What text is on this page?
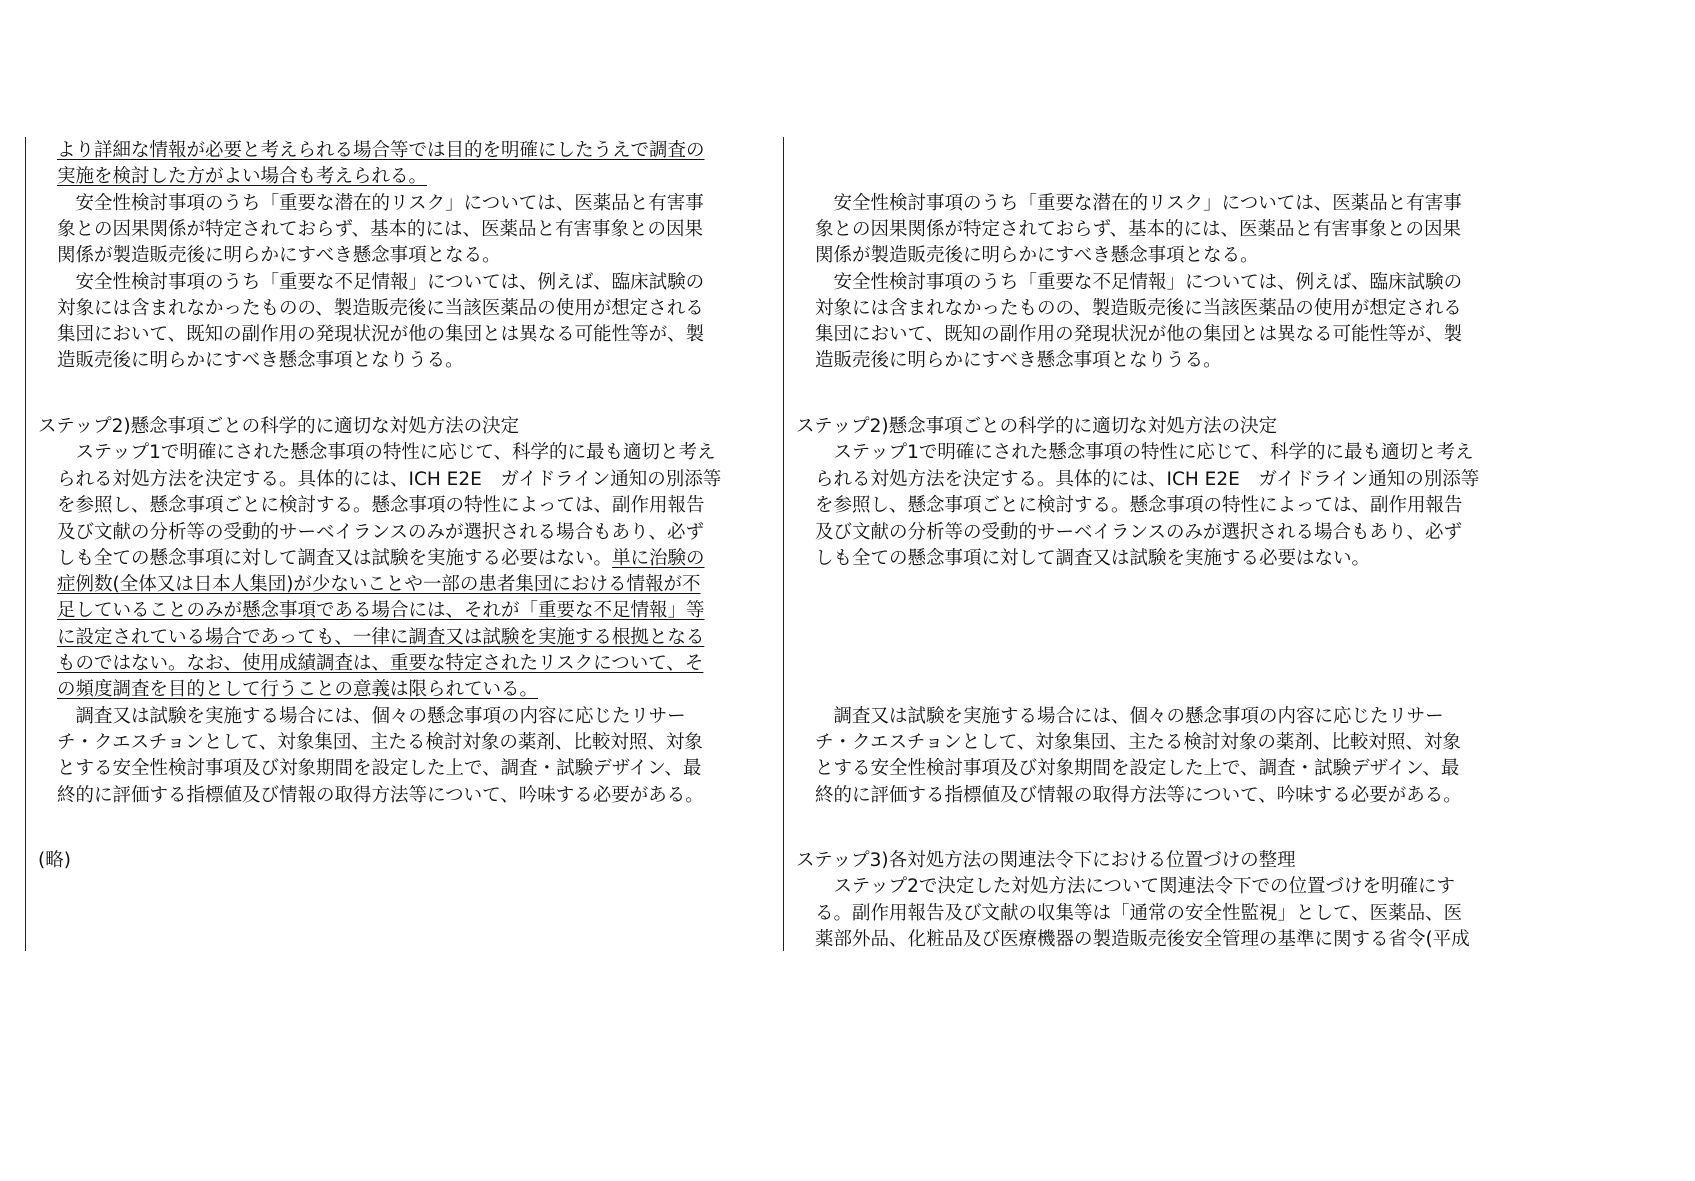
より詳細な情報が必要と考えられる場合等では目的を明確にしたうえで調査の
実施を検討した方がよい場合も考えられる。
　安全性検討事項のうち「重要な潜在的リスク」については、医薬品と有害事
象との因果関係が特定されておらず、基本的には、医薬品と有害事象との因果
関係が製造販売後に明らかにすべき懸念事項となる。
　安全性検討事項のうち「重要な不足情報」については、例えば、臨床試験の
対象には含まれなかったものの、製造販売後に当該医薬品の使用が想定される
集団において、既知の副作用の発現状況が他の集団とは異なる可能性等が、製
造販売後に明らかにすべき懸念事項となりうる。
ステップ2)懸念事項ごとの科学的に適切な対処方法の決定
　ステップ1で明確にされた懸念事項の特性に応じて、科学的に最も適切と考え
られる対処方法を決定する。具体的には、ICH E2E　ガイドライン通知の別添等
を参照し、懸念事項ごとに検討する。懸念事項の特性によっては、副作用報告
及び文献の分析等の受動的サーベイランスのみが選択される場合もあり、必ず
しも全ての懸念事項に対して調査又は試験を実施する必要はない。単に治験の
症例数(全体又は日本人集団)が少ないことや一部の患者集団における情報が不
足していることのみが懸念事項である場合には、それが「重要な不足情報」等
に設定されている場合であっても、一律に調査又は試験を実施する根拠となる
ものではない。なお、使用成績調査は、重要な特定されたリスクについて、そ
の頻度調査を目的として行うことの意義は限られている。
　調査又は試験を実施する場合には、個々の懸念事項の内容に応じたリサー
チ・クエスチョンとして、対象集団、主たる検討対象の薬剤、比較対照、対象
とする安全性検討事項及び対象期間を設定した上で、調査・試験デザイン、最
終的に評価する指標値及び情報の取得方法等について、吟味する必要がある。
(略)
　安全性検討事項のうち「重要な潜在的リスク」については、医薬品と有害事
象との因果関係が特定されておらず、基本的には、医薬品と有害事象との因果
関係が製造販売後に明らかにすべき懸念事項となる。
　安全性検討事項のうち「重要な不足情報」については、例えば、臨床試験の
対象には含まれなかったものの、製造販売後に当該医薬品の使用が想定される
集団において、既知の副作用の発現状況が他の集団とは異なる可能性等が、製
造販売後に明らかにすべき懸念事項となりうる。
ステップ2)懸念事項ごとの科学的に適切な対処方法の決定
　ステップ1で明確にされた懸念事項の特性に応じて、科学的に最も適切と考え
られる対処方法を決定する。具体的には、ICH E2E　ガイドライン通知の別添等
を参照し、懸念事項ごとに検討する。懸念事項の特性によっては、副作用報告
及び文献の分析等の受動的サーベイランスのみが選択される場合もあり、必ず
しも全ての懸念事項に対して調査又は試験を実施する必要はない。
　調査又は試験を実施する場合には、個々の懸念事項の内容に応じたリサー
チ・クエスチョンとして、対象集団、主たる検討対象の薬剤、比較対照、対象
とする安全性検討事項及び対象期間を設定した上で、調査・試験デザイン、最
終的に評価する指標値及び情報の取得方法等について、吟味する必要がある。
ステップ3)各対処方法の関連法令下における位置づけの整理
　ステップ2で決定した対処方法について関連法令下での位置づけを明確にす
る。副作用報告及び文献の収集等は「通常の安全性監視」として、医薬品、医
薬部外品、化粧品及び医療機器の製造販売後安全管理の基準に関する省令(平成
